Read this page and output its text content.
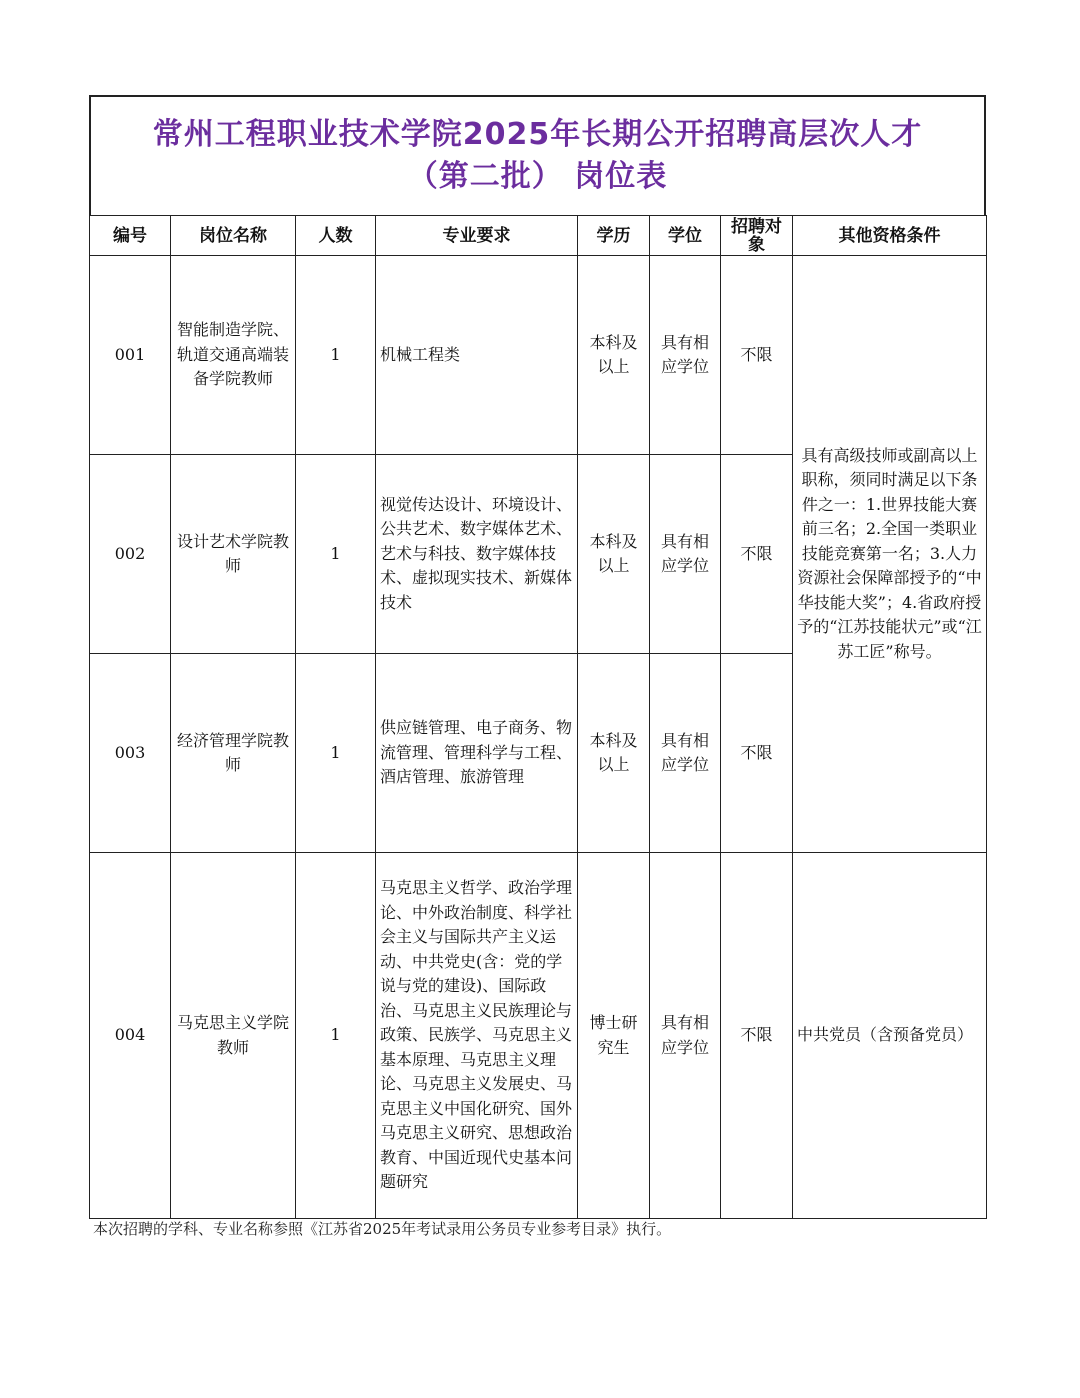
常州工程职业技术学院2025年长期公开招聘高层次人才
（第二批） 岗位表
编号	岗位名称	人数	专业要求	学历	学位	招聘对象	其他资格条件
001	智能制造学院、轨道交通高端装备学院教师	1	机械工程类	本科及以上	具有相应学位	不限	具有高级技师或副高以上职称，须同时满足以下条件之一：1.世界技能大赛前三名；2.全国一类职业技能竞赛第一名；3.人力资源社会保障部授予的“中华技能大奖”；4.省政府授予的“江苏技能状元”或“江苏工匠”称号。
002	设计艺术学院教师	1	视觉传达设计、环境设计、公共艺术、数字媒体艺术、艺术与科技、数字媒体技术、虚拟现实技术、新媒体技术	本科及以上	具有相应学位	不限	
003	经济管理学院教师	1	供应链管理、电子商务、物流管理、管理科学与工程、酒店管理、旅游管理	本科及以上	具有相应学位	不限	
004	马克思主义学院教师	1	马克思主义哲学、政治学理论、中外政治制度、科学社会主义与国际共产主义运动、中共党史(含：党的学说与党的建设)、国际政治、马克思主义民族理论与政策、民族学、马克思主义基本原理、马克思主义理论、马克思主义发展史、马克思主义中国化研究、国外马克思主义研究、思想政治教育、中国近现代史基本问题研究	博士研究生	具有相应学位	不限	中共党员（含预备党员）
本次招聘的学科、专业名称参照《江苏省2025年考试录用公务员专业参考目录》执行。
